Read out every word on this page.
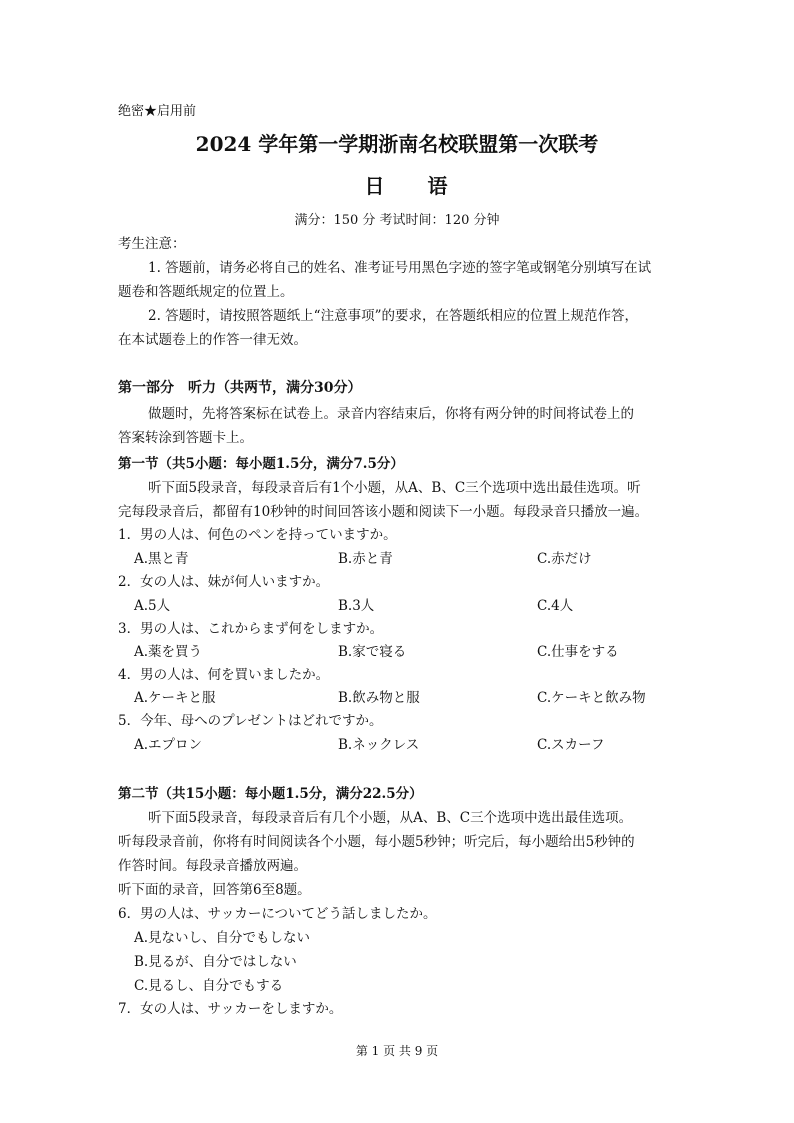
绝密★启用前
2024 学年第一学期浙南名校联盟第一次联考
日 语
满分：150 分 考试时间：120 分钟
考生注意：
1. 答题前，请务必将自己的姓名、准考证号用黑色字迹的签字笔或钢笔分别填写在试
题卷和答题纸规定的位置上。
2. 答题时，请按照答题纸上“注意事项”的要求，在答题纸相应的位置上规范作答，
在本试题卷上的作答一律无效。
第一部分　听力（共两节，满分30分）
做题时，先将答案标在试卷上。录音内容结束后，你将有两分钟的时间将试卷上的
答案转涂到答题卡上。
第一节（共5小题：每小题1.5分，满分7.5分）
听下面5段录音，每段录音后有1个小题，从A、B、C三个选项中选出最佳选项。听
完每段录音后，都留有10秒钟的时间回答该小题和阅读下一小题。每段录音只播放一遍。
1．男の人は、何色のペンを持っていますか。
A.黒と青	B.赤と青	C.赤だけ
2．女の人は、妹が何人いますか。
A.5人	B.3人	C.4人
3．男の人は、これからまず何をしますか。
A.薬を買う	B.家で寝る	C.仕事をする
4．男の人は、何を買いましたか。
A.ケーキと服	B.飲み物と服	C.ケーキと飲み物
5．今年、母へのプレゼントはどれですか。
A.エプロン	B.ネックレス	C.スカーフ
第二节（共15小题：每小题1.5分，满分22.5分）
听下面5段录音，每段录音后有几个小题，从A、B、C三个选项中选出最佳选项。
听每段录音前，你将有时间阅读各个小题，每小题5秒钟；听完后，每小题给出5秒钟的
作答时间。每段录音播放两遍。
听下面的录音，回答第6至8题。
6．男の人は、サッカーについてどう話しましたか。
A.見ないし、自分でもしない
B.見るが、自分ではしない
C.見るし、自分でもする
7．女の人は、サッカーをしますか。
第 1 页 共 9 页
